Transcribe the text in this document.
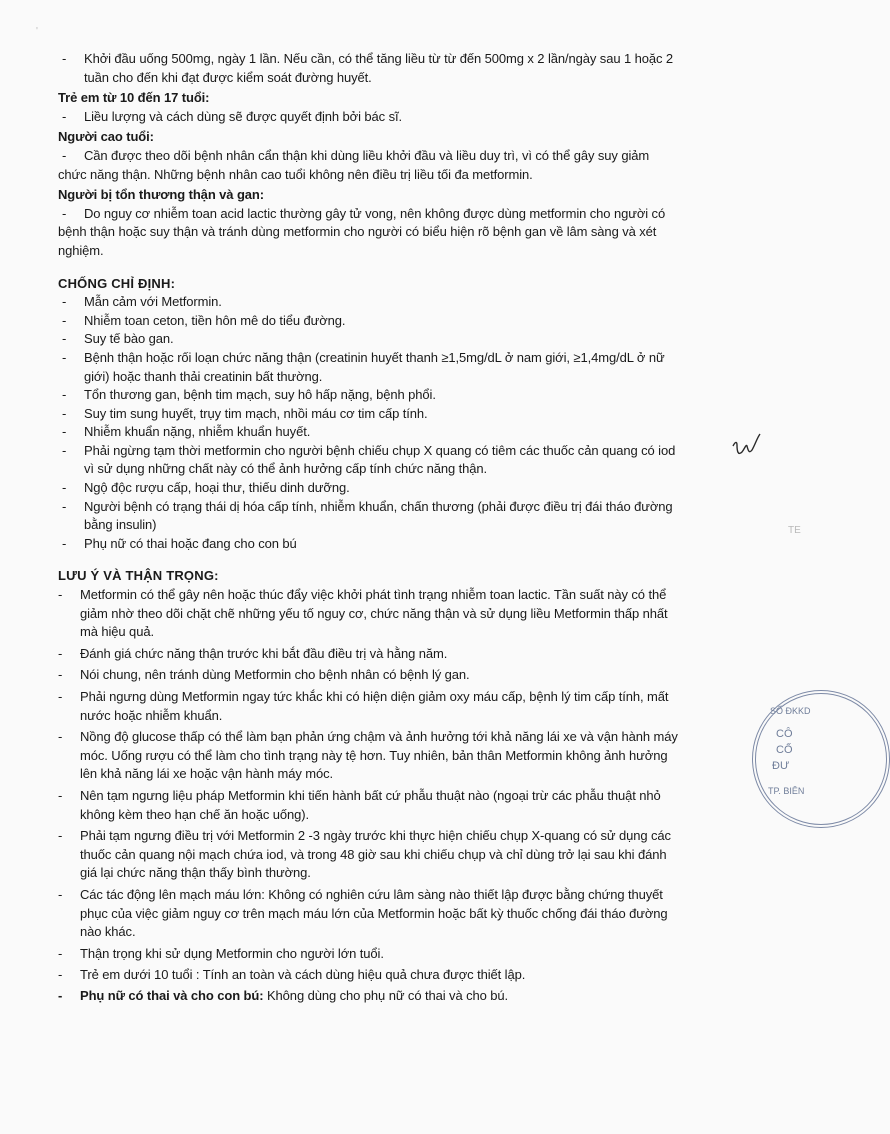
- Khởi đầu uống 500mg, ngày 1 lần. Nếu cần, có thể tăng liều từ từ đến 500mg x 2 lần/ngày sau 1 hoặc 2
tuần cho đến khi đạt được kiểm soát đường huyết.
Trẻ em từ 10 đến 17 tuổi:
- Liều lượng và cách dùng sẽ được quyết định bởi bác sĩ.
Người cao tuổi:
- Cần được theo dõi bệnh nhân cẩn thận khi dùng liều khởi đầu và liều duy trì, vì có thể gây suy giảm
chức năng thận. Những bệnh nhân cao tuổi không nên điều trị liều tối đa metformin.
Người bị tổn thương thận và gan:
- Do nguy cơ nhiễm toan acid lactic thường gây tử vong, nên không được dùng metformin cho người có
bệnh thận hoặc suy thận và tránh dùng metformin cho người có biểu hiện rõ bệnh gan về lâm sàng và xét
nghiệm.
CHỐNG CHỈ ĐỊNH:
- Mẫn cảm với Metformin.
- Nhiễm toan ceton, tiền hôn mê do tiểu đường.
- Suy tế bào gan.
- Bệnh thận hoặc rối loạn chức năng thận (creatinin huyết thanh ≥1,5mg/dL ở nam giới, ≥1,4mg/dL ở nữ
giới) hoặc thanh thải creatinin bất thường.
- Tổn thương gan, bệnh tim mạch, suy hô hấp nặng, bệnh phổi.
- Suy tim sung huyết, trụy tim mạch, nhồi máu cơ tim cấp tính.
- Nhiễm khuẩn nặng, nhiễm khuẩn huyết.
- Phải ngừng tạm thời metformin cho người bệnh chiếu chụp X quang có tiêm các thuốc cản quang có iod
vì sử dụng những chất này có thể ảnh hưởng cấp tính chức năng thận.
- Ngộ độc rượu cấp, hoại thư, thiếu dinh dưỡng.
- Người bệnh có trạng thái dị hóa cấp tính, nhiễm khuẩn, chấn thương (phải được điều trị đái tháo đường
bằng insulin)
- Phụ nữ có thai hoặc đang cho con bú
LƯU Ý VÀ THẬN TRỌNG:
- Metformin có thể gây nên hoặc thúc đẩy việc khởi phát tình trạng nhiễm toan lactic. Tần suất này có thể
giảm nhờ theo dõi chặt chẽ những yếu tố nguy cơ, chức năng thận và sử dụng liều Metformin thấp nhất
mà hiệu quả.
- Đánh giá chức năng thận trước khi bắt đầu điều trị và hằng năm.
- Nói chung, nên tránh dùng Metformin cho bệnh nhân có bệnh lý gan.
- Phải ngưng dùng Metformin ngay tức khắc khi có hiện diện giảm oxy máu cấp, bệnh lý tim cấp tính, mất
nước hoặc nhiễm khuẩn.
- Nồng độ glucose thấp có thể làm bạn phản ứng chậm và ảnh hưởng tới khả năng lái xe và vận hành máy
móc. Uống rượu có thể làm cho tình trạng này tệ hơn. Tuy nhiên, bản thân Metformin không ảnh hưởng
lên khả năng lái xe hoặc vận hành máy móc.
- Nên tạm ngưng liệu pháp Metformin khi tiến hành bất cứ phẫu thuật nào (ngoại trừ các phẫu thuật nhỏ
không kèm theo hạn chế ăn hoặc uống).
- Phải tạm ngưng điều trị với Metformin 2 -3 ngày trước khi thực hiện chiếu chụp X-quang có sử dụng các
thuốc cản quang nội mạch chứa iod, và trong 48 giờ sau khi chiếu chụp và chỉ dùng trở lại sau khi đánh
giá lại chức năng thận thấy bình thường.
- Các tác động lên mạch máu lớn: Không có nghiên cứu lâm sàng nào thiết lập được bằng chứng thuyết
phục của việc giảm nguy cơ trên mạch máu lớn của Metformin hoặc bất kỳ thuốc chống đái tháo đường
nào khác.
- Thận trọng khi sử dụng Metformin cho người lớn tuổi.
- Trẻ em dưới 10 tuổi : Tính an toàn và cách dùng hiệu quả chưa được thiết lập.
- Phụ nữ có thai và cho con bú: Không dùng cho phụ nữ có thai và cho bú.
TE
'
SỐ ĐKKD
CÔ
CỐ
ĐƯ
TP. BIÊN
